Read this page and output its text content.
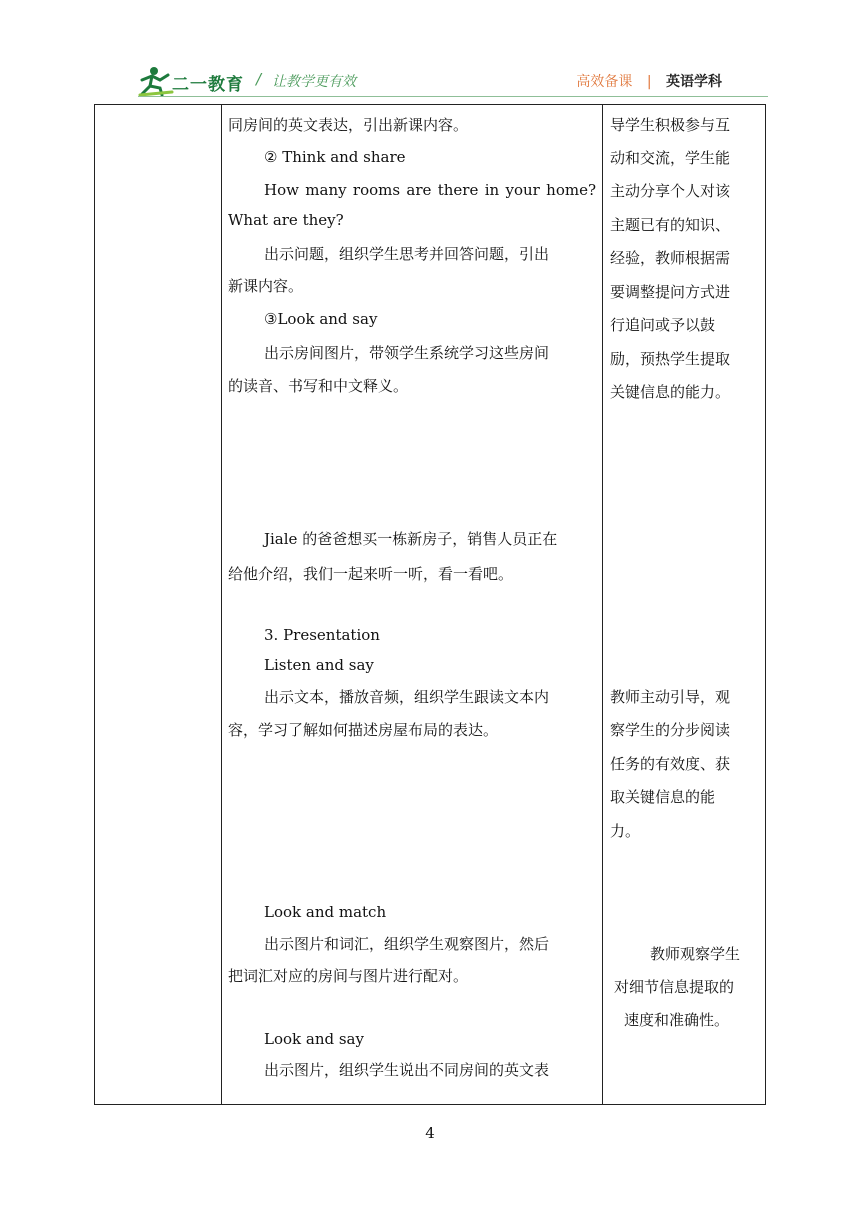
二一教育 / 让教学更有效	高效备课 | 英语学科
同房间的英文表达，引出新课内容。
② Think and share
How many rooms are there in your home?
What are they?
出示问题，组织学生思考并回答问题，引出
新课内容。
③Look and say
出示房间图片，带领学生系统学习这些房间
的读音、书写和中文释义。
Jiale 的爸爸想买一栋新房子，销售人员正在
给他介绍，我们一起来听一听，看一看吧。
3. Presentation
Listen and say
出示文本，播放音频，组织学生跟读文本内
容，学习了解如何描述房屋布局的表达。
Look and match
出示图片和词汇，组织学生观察图片，然后
把词汇对应的房间与图片进行配对。
Look and say
出示图片，组织学生说出不同房间的英文表
导学生积极参与互
动和交流，学生能
主动分享个人对该
主题已有的知识、
经验，教师根据需
要调整提问方式进
行追问或予以鼓
励，预热学生提取
关键信息的能力。
教师主动引导，观
察学生的分步阅读
任务的有效度、获
取关键信息的能
力。
教师观察学生
对细节信息提取的
速度和准确性。
4
